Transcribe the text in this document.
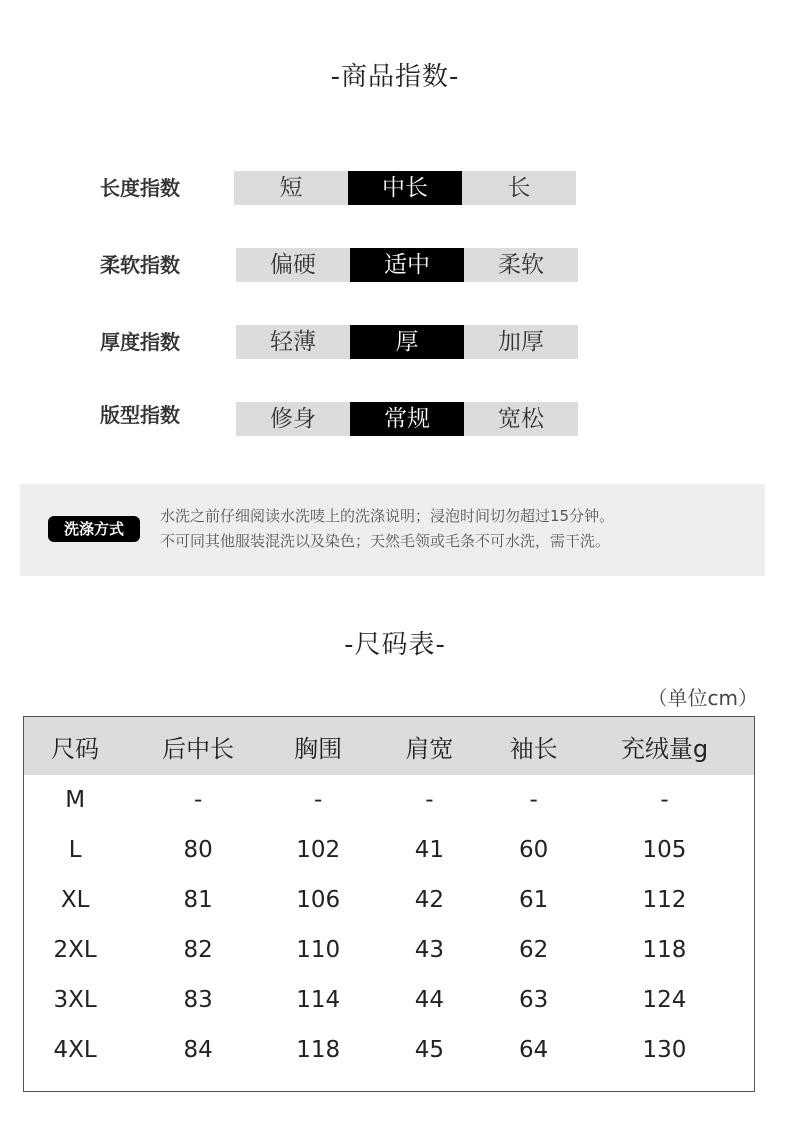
-商品指数-
长度指数	短	中长	长
柔软指数	偏硬	适中	柔软
厚度指数	轻薄	厚	加厚
版型指数	修身	常规	宽松
洗涤方式
水洗之前仔细阅读水洗唛上的洗涤说明；浸泡时间切勿超过15分钟。
不可同其他服装混洗以及染色；天然毛领或毛条不可水洗，需干洗。
-尺码表-
（单位cm）
尺码	后中长	胸围	肩宽	袖长	充绒量g
M	-	-	-	-	-
L	80	102	41	60	105
XL	81	106	42	61	112
2XL	82	110	43	62	118
3XL	83	114	44	63	124
4XL	84	118	45	64	130
